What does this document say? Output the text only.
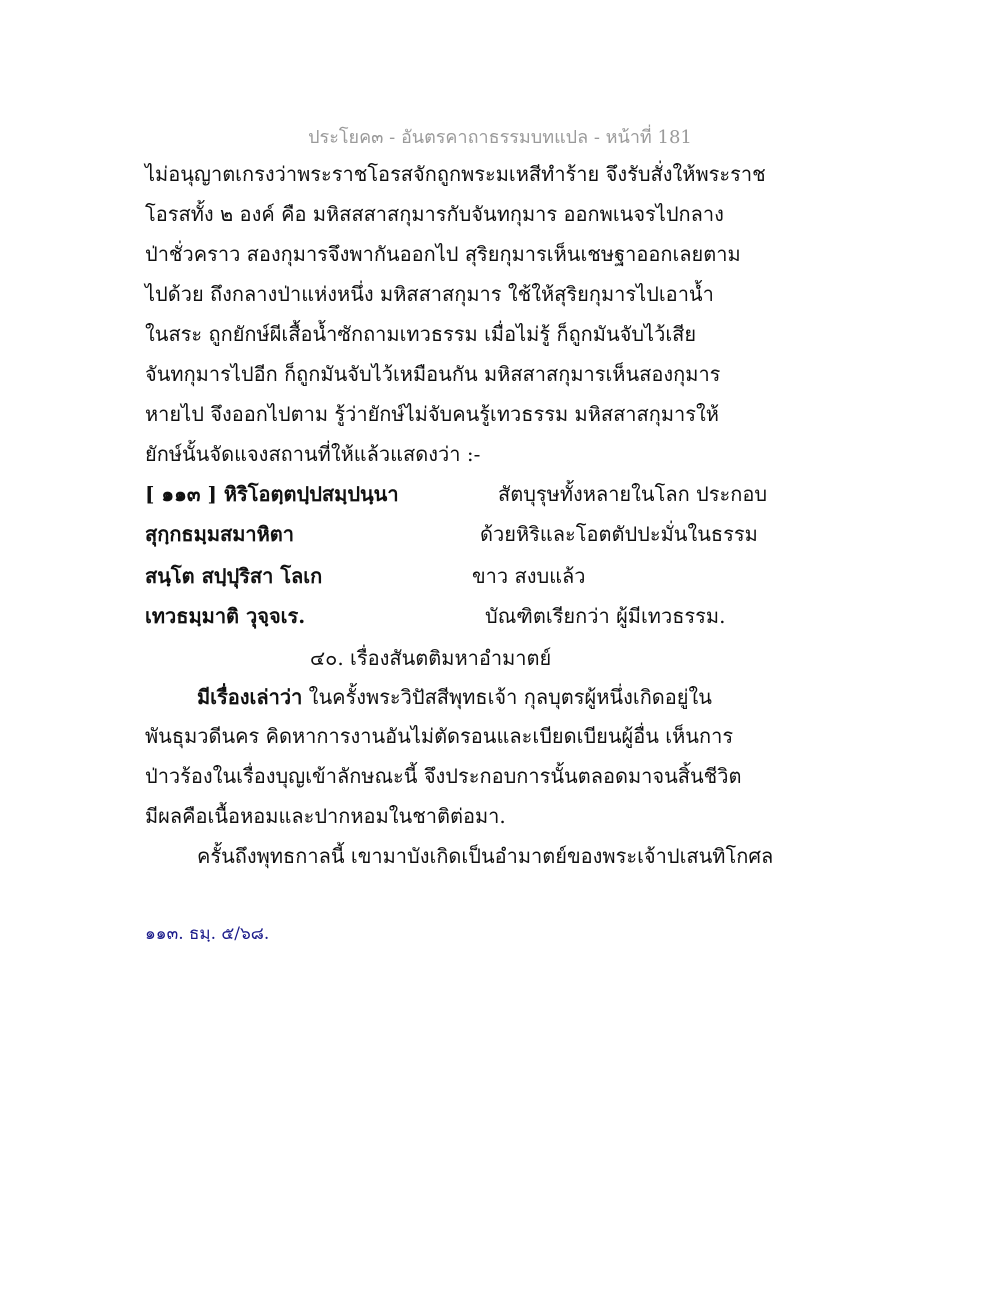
ประโยค๓ - อันตรคาถาธรรมบทแปล - หน้าที่ 181
ไม่อนุญาตเกรงว่าพระราชโอรสจักถูกพระมเหสีทำร้าย จึงรับสั่งให้พระราช
โอรสทั้ง ๒ องค์ คือ มหิสสสาสกุมารกับจันทกุมาร ออกพเนจรไปกลาง
ป่าชั่วคราว สองกุมารจึงพากันออกไป สุริยกุมารเห็นเชษฐาออกเลยตาม
ไปด้วย ถึงกลางป่าแห่งหนึ่ง มหิสสาสกุมาร ใช้ให้สุริยกุมารไปเอาน้ำ
ในสระ ถูกยักษ์ผีเสื้อน้ำซักถามเทวธรรม เมื่อไม่รู้ ก็ถูกมันจับไว้เสีย
จันทกุมารไปอีก ก็ถูกมันจับไว้เหมือนกัน มหิสสาสกุมารเห็นสองกุมาร
หายไป จึงออกไปตาม รู้ว่ายักษ์ไม่จับคนรู้เทวธรรม มหิสสาสกุมารให้
ยักษ์นั้นจัดแจงสถานที่ให้แล้วแสดงว่า :-
[ ๑๑๓ ] หิริโอตฺตปฺปสมฺปนฺนา	สัตบุรุษทั้งหลายในโลก ประกอบ
สุกฺกธมฺมสมาหิตา	ด้วยหิริและโอตตัปปะมั่นในธรรม
สนฺโต สปฺปุริสา โลเก	ขาว สงบแล้ว
เทวธมฺมาติ วุจฺจเร.	บัณฑิตเรียกว่า ผู้มีเทวธรรม.
๔๐. เรื่องสันตติมหาอำมาตย์
มีเรื่องเล่าว่า ในครั้งพระวิปัสสีพุทธเจ้า กุลบุตรผู้หนึ่งเกิดอยู่ใน
พันธุมวดีนคร คิดหาการงานอันไม่ตัดรอนและเบียดเบียนผู้อื่น เห็นการ
ป่าวร้องในเรื่องบุญเข้าลักษณะนี้ จึงประกอบการนั้นตลอดมาจนสิ้นชีวิต
มีผลคือเนื้อหอมและปากหอมในชาติต่อมา.
ครั้นถึงพุทธกาลนี้ เขามาบังเกิดเป็นอำมาตย์ของพระเจ้าปเสนทิโกศล
๑๑๓. ธมฺ. ๕/๖๘.
